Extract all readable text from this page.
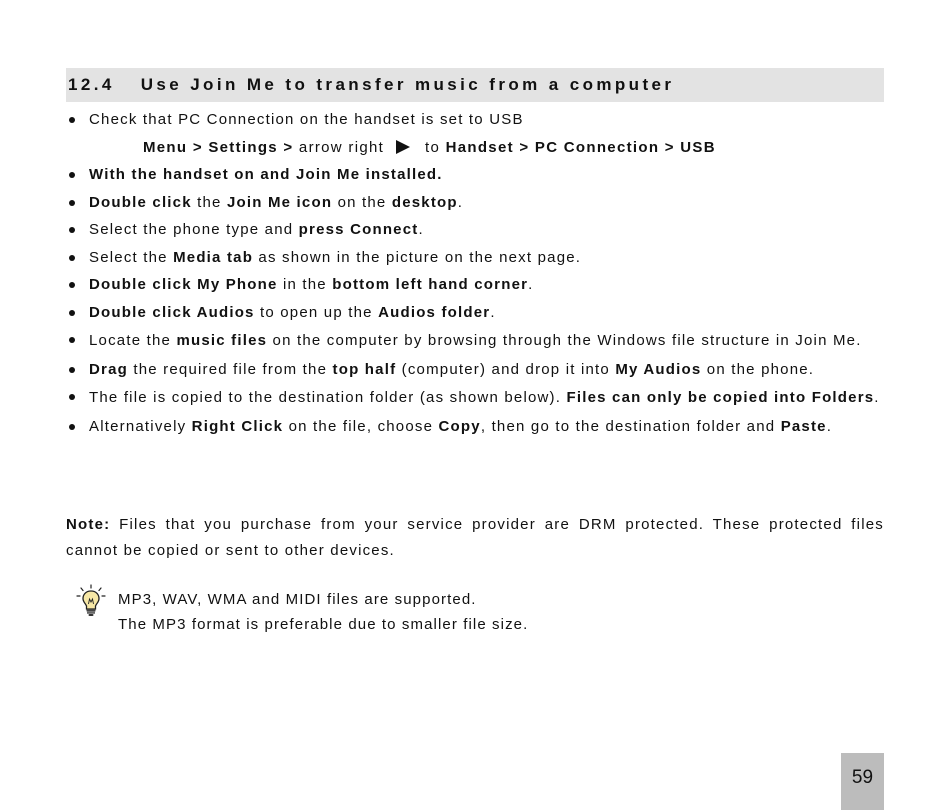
12.4 Use Join Me to transfer music from a computer
Check that PC Connection on the handset is set to USB
Menu > Settings > arrow right  to Handset > PC Connection > USB
With the handset on and Join Me installed.
Double click the Join Me icon on the desktop.
Select the phone type and press Connect.
Select the Media tab as shown in the picture on the next page.
Double click My Phone in the bottom left hand corner.
Double click Audios to open up the Audios folder.
Locate the music files on the computer by browsing through the Windows file structure in Join Me.
Drag the required file from the top half (computer) and drop it into My Audios on the phone.
The file is copied to the destination folder (as shown below). Files can only be copied into Folders.
Alternatively Right Click on the file, choose Copy, then go to the destination folder and Paste.
Note: Files that you purchase from your service provider are DRM protected. These protected files cannot be copied or sent to other devices.
MP3, WAV, WMA and MIDI files are supported.
The MP3 format is preferable due to smaller file size.
59
